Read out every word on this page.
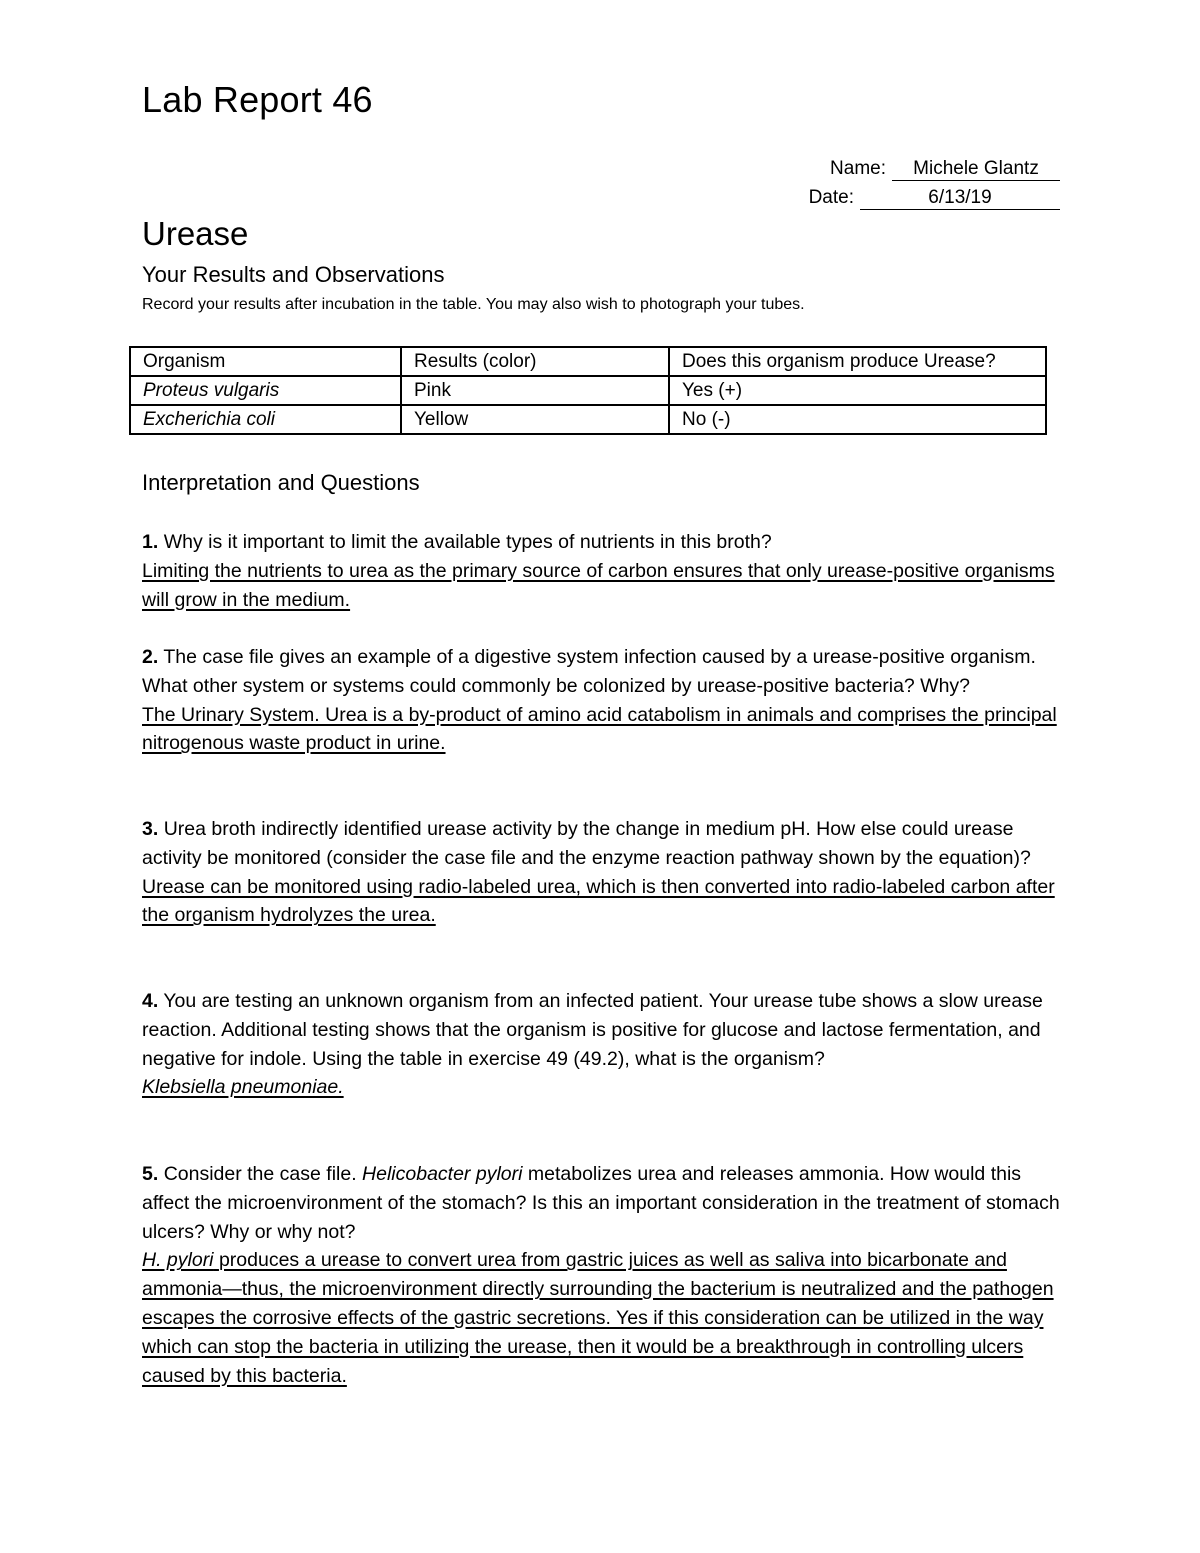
Lab Report 46
Name:	Michele Glantz
Date:	6/13/19
Urease
Your Results and Observations

Record your results after incubation in the table. You may also wish to photograph your tubes.

Organism	Results (color)	Does this organism produce Urease?
Proteus vulgaris	Pink	Yes (+)
Excherichia coli	Yellow	No (-)
Interpretation and Questions

1. Why is it important to limit the available types of nutrients in this broth?

Limiting the nutrients to urea as the primary source of carbon ensures that only urease-positive organisms will grow in the medium.

2. The case file gives an example of a digestive system infection caused by a urease-positive organism. What other system or systems could commonly be colonized by urease-positive bacteria? Why?

The Urinary System. Urea is a by-product of amino acid catabolism in animals and comprises the principal nitrogenous waste product in urine.

3. Urea broth indirectly identified urease activity by the change in medium pH. How else could urease activity be monitored (consider the case file and the enzyme reaction pathway shown by the equation)?

Urease can be monitored using radio-labeled urea, which is then converted into radio-labeled carbon after the organism hydrolyzes the urea.

4. You are testing an unknown organism from an infected patient. Your urease tube shows a slow urease reaction. Additional testing shows that the organism is positive for glucose and lactose fermentation, and negative for indole. Using the table in exercise 49 (49.2), what is the organism?

Klebsiella pneumoniae.

5. Consider the case file. Helicobacter pylori metabolizes urea and releases ammonia. How would this affect the microenvironment of the stomach? Is this an important consideration in the treatment of stomach ulcers? Why or why not?

H. pylori produces a urease to convert urea from gastric juices as well as saliva into bicarbonate and ammonia—thus, the microenvironment directly surrounding the bacterium is neutralized and the pathogen escapes the corrosive effects of the gastric secretions. Yes if this consideration can be utilized in the way which can stop the bacteria in utilizing the urease, then it would be a breakthrough in controlling ulcers caused by this bacteria.
